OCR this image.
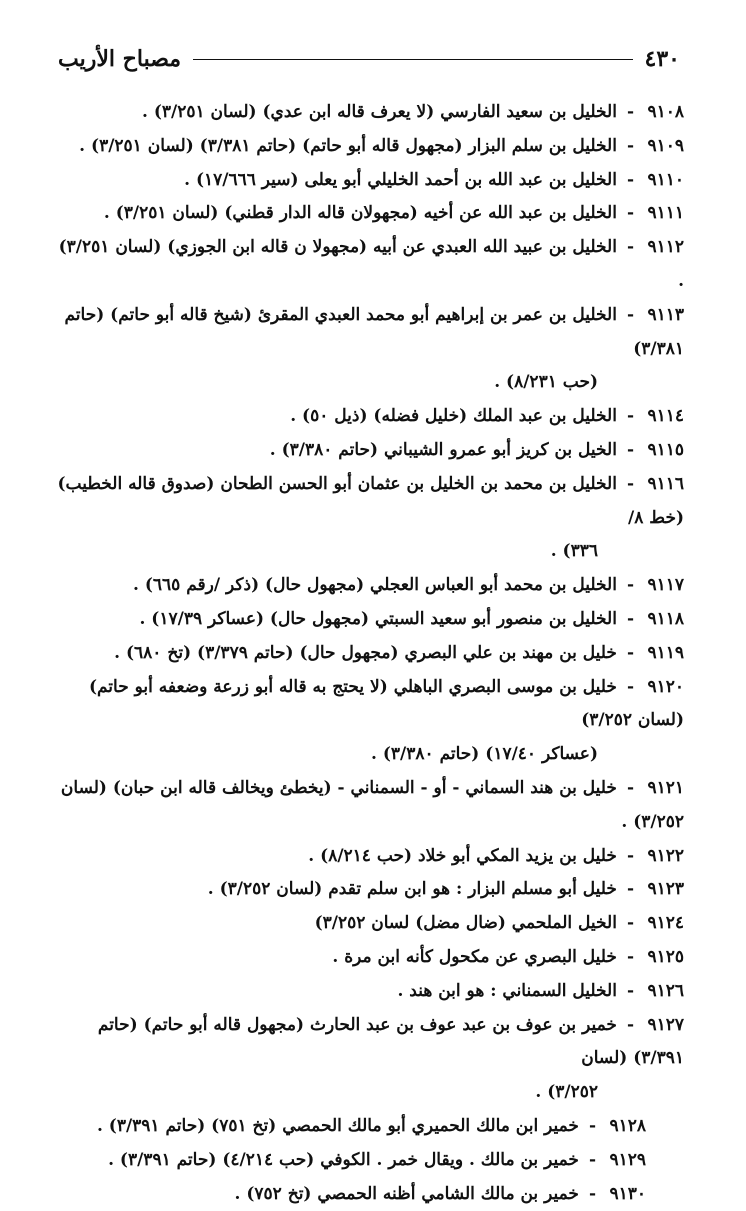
٤٣٠
مصباح الأريب
٩١٠٨-الخليل بن سعيد الفارسي (لا يعرف قاله ابن عدي) (لسان ٣/٢٥١) .
٩١٠٩-الخليل بن سلم البزار (مجهول قاله أبو حاتم) (حاتم ٣/٣٨١) (لسان ٣/٢٥١) .
٩١١٠-الخليل بن عبد الله بن أحمد الخليلي أبو يعلى (سير ١٧/٦٦٦) .
٩١١١-الخليل بن عبد الله عن أخيه (مجهولان قاله الدار قطني) (لسان ٣/٢٥١) .
٩١١٢-الخليل بن عبيد الله العبدي عن أبيه (مجهولا ن قاله ابن الجوزي) (لسان ٣/٢٥١) .
٩١١٣-الخليل بن عمر بن إبراهيم أبو محمد العبدي المقرئ (شيخ قاله أبو حاتم) (حاتم ٣/٣٨١)
(حب ٨/٢٣١) .
٩١١٤-الخليل بن عبد الملك (خليل فضله) (ذيل ٥٠) .
٩١١٥-الخيل بن كريز أبو عمرو الشيباني (حاتم ٣/٣٨٠) .
٩١١٦-الخليل بن محمد بن الخليل بن عثمان أبو الحسن الطحان (صدوق قاله الخطيب) (خط ٨/
٣٣٦) .
٩١١٧-الخليل بن محمد أبو العباس العجلي (مجهول حال) (ذكر /رقم ٦٦٥) .
٩١١٨-الخليل بن منصور أبو سعيد السبتي (مجهول حال) (عساكر ١٧/٣٩) .
٩١١٩-خليل بن مهند بن علي البصري (مجهول حال) (حاتم ٣/٣٧٩) (تخ ٦٨٠) .
٩١٢٠-خليل بن موسى البصري الباهلي (لا يحتج به قاله أبو زرعة وضعفه أبو حاتم) (لسان ٣/٢٥٢)
(عساكر ١٧/٤٠) (حاتم ٣/٣٨٠) .
٩١٢١-خليل بن هند السماني - أو - السمناني - (يخطئ ويخالف قاله ابن حبان) (لسان ٣/٢٥٢) .
٩١٢٢-خليل بن يزيد المكي أبو خلاد (حب ٨/٢١٤) .
٩١٢٣-خليل أبو مسلم البزار : هو ابن سلم تقدم (لسان ٣/٢٥٢) .
٩١٢٤-الخيل الملحمي (ضال مضل) لسان ٣/٢٥٢)
٩١٢٥-خليل البصري عن مكحول كأنه ابن مرة .
٩١٢٦-الخليل السمناني : هو ابن هند .
٩١٢٧-خمير بن عوف بن عبد عوف بن عبد الحارث (مجهول قاله أبو حاتم) (حاتم ٣/٣٩١) (لسان
٣/٢٥٢) .
٩١٢٨-خمير ابن مالك الحميري أبو مالك الحمصي (تخ ٧٥١) (حاتم ٣/٣٩١) .
٩١٢٩-خمير بن مالك . ويقال خمر . الكوفي (حب ٤/٢١٤) (حاتم ٣/٣٩١) .
٩١٣٠-خمير بن مالك الشامي أظنه الحمصي (تخ ٧٥٢) .
